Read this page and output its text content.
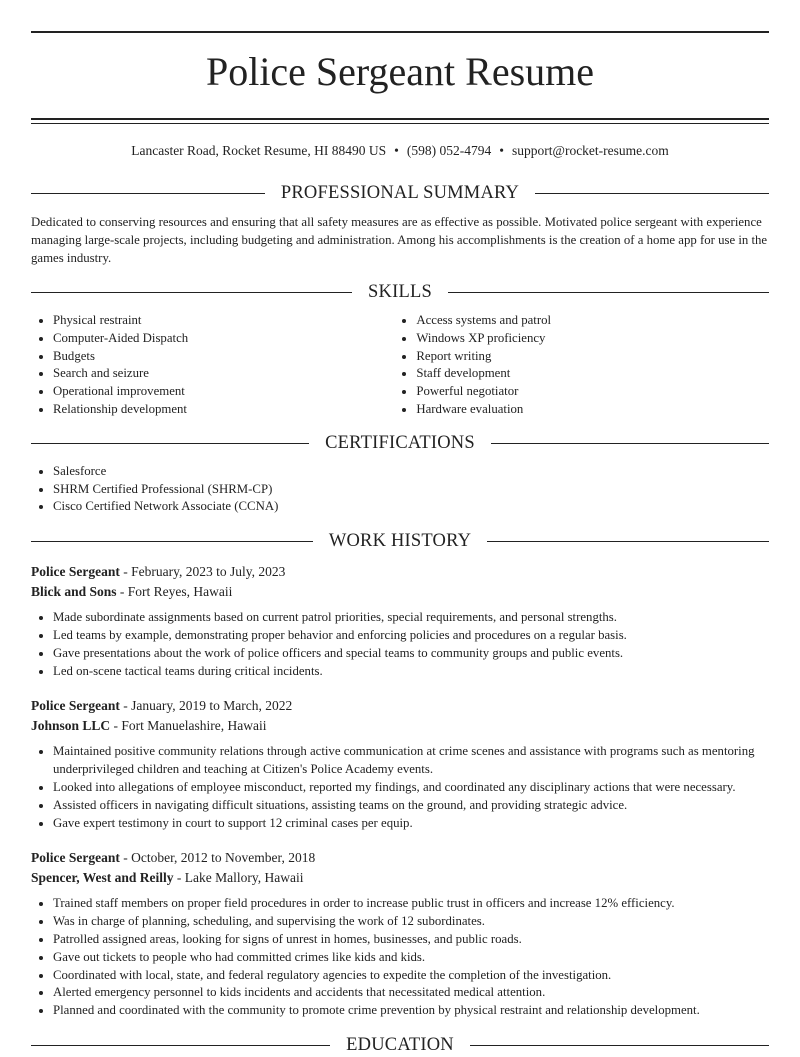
Police Sergeant Resume
Lancaster Road, Rocket Resume, HI 88490 US • (598) 052-4794 • support@rocket-resume.com
PROFESSIONAL SUMMARY
Dedicated to conserving resources and ensuring that all safety measures are as effective as possible. Motivated police sergeant with experience managing large-scale projects, including budgeting and administration. Among his accomplishments is the creation of a home app for use in the games industry.
SKILLS
• Physical restraint
• Computer-Aided Dispatch
• Budgets
• Search and seizure
• Operational improvement
• Relationship development
• Access systems and patrol
• Windows XP proficiency
• Report writing
• Staff development
• Powerful negotiator
• Hardware evaluation
CERTIFICATIONS
• Salesforce
• SHRM Certified Professional (SHRM-CP)
• Cisco Certified Network Associate (CCNA)
WORK HISTORY
Police Sergeant - February, 2023 to July, 2023
Blick and Sons - Fort Reyes, Hawaii
• Made subordinate assignments based on current patrol priorities, special requirements, and personal strengths.
• Led teams by example, demonstrating proper behavior and enforcing policies and procedures on a regular basis.
• Gave presentations about the work of police officers and special teams to community groups and public events.
• Led on-scene tactical teams during critical incidents.
Police Sergeant - January, 2019 to March, 2022
Johnson LLC - Fort Manuelashire, Hawaii
• Maintained positive community relations through active communication at crime scenes and assistance with programs such as mentoring underprivileged children and teaching at Citizen's Police Academy events.
• Looked into allegations of employee misconduct, reported my findings, and coordinated any disciplinary actions that were necessary.
• Assisted officers in navigating difficult situations, assisting teams on the ground, and providing strategic advice.
• Gave expert testimony in court to support 12 criminal cases per equip.
Police Sergeant - October, 2012 to November, 2018
Spencer, West and Reilly - Lake Mallory, Hawaii
• Trained staff members on proper field procedures in order to increase public trust in officers and increase 12% efficiency.
• Was in charge of planning, scheduling, and supervising the work of 12 subordinates.
• Patrolled assigned areas, looking for signs of unrest in homes, businesses, and public roads.
• Gave out tickets to people who had committed crimes like kids and kids.
• Coordinated with local, state, and federal regulatory agencies to expedite the completion of the investigation.
• Alerted emergency personnel to kids incidents and accidents that necessitated medical attention.
• Planned and coordinated with the community to promote crime prevention by physical restraint and relationship development.
EDUCATION
